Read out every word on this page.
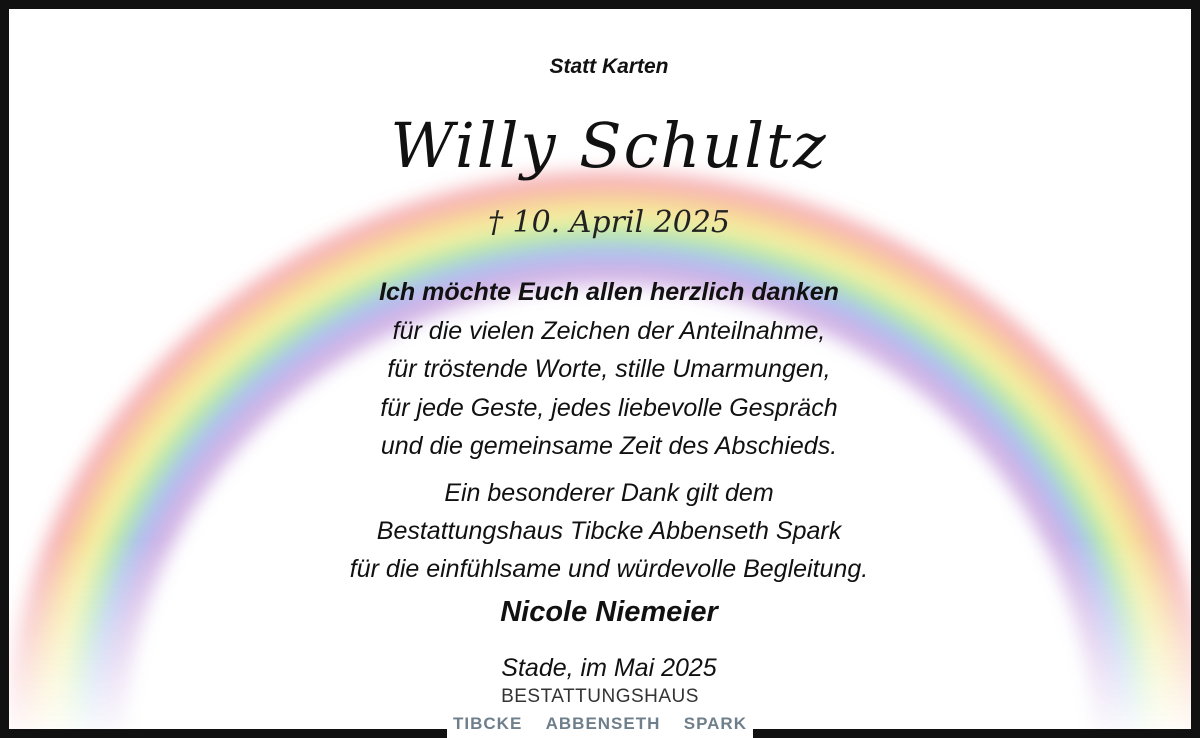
Statt Karten
Willy Schultz
† 10. April 2025
Ich möchte Euch allen herzlich danken
für die vielen Zeichen der Anteilnahme,
für tröstende Worte, stille Umarmungen,
für jede Geste, jedes liebevolle Gespräch
und die gemeinsame Zeit des Abschieds.
Ein besonderer Dank gilt dem
Bestattungshaus Tibcke Abbenseth Spark
für die einfühlsame und würdevolle Begleitung.
Nicole Niemeier
Stade, im Mai 2025
BESTATTUNGSHAUS
TIBCKE ABBENSETH SPARK
